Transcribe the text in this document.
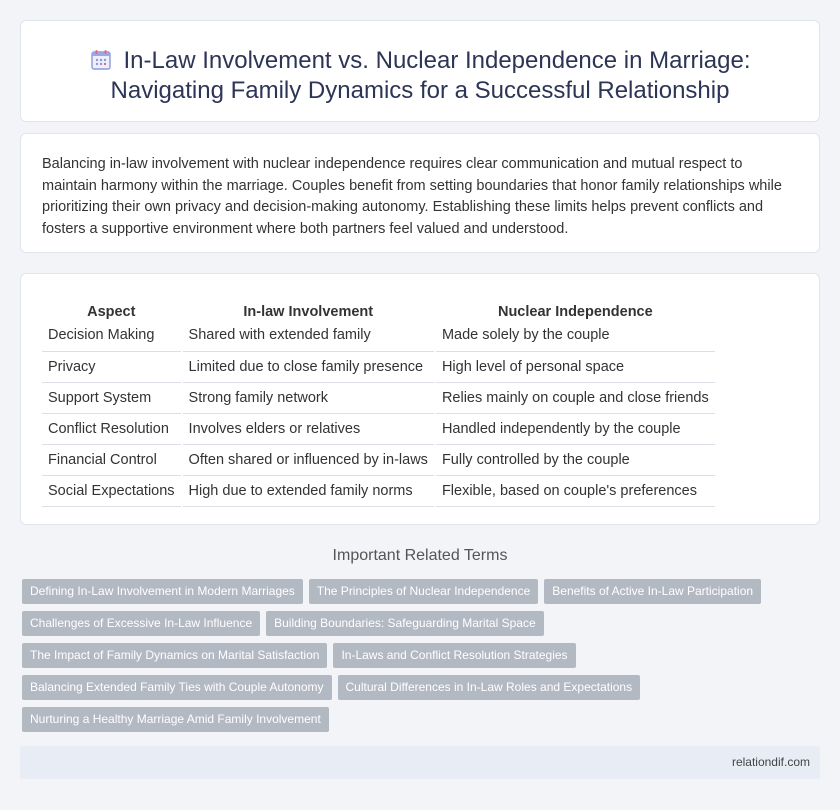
In-Law Involvement vs. Nuclear Independence in Marriage:
Navigating Family Dynamics for a Successful Relationship

Balancing in-law involvement with nuclear independence requires clear communication and mutual respect to maintain harmony within the marriage. Couples benefit from setting boundaries that honor family relationships while prioritizing their own privacy and decision-making autonomy. Establishing these limits helps prevent conflicts and fosters a supportive environment where both partners feel valued and understood.

Aspect	In-law Involvement	Nuclear Independence
Decision Making	Shared with extended family	Made solely by the couple
Privacy	Limited due to close family presence	High level of personal space
Support System	Strong family network	Relies mainly on couple and close friends
Conflict Resolution	Involves elders or relatives	Handled independently by the couple
Financial Control	Often shared or influenced by in-laws	Fully controlled by the couple
Social Expectations	High due to extended family norms	Flexible, based on couple's preferences
Important Related Terms
Defining In-Law Involvement in Modern Marriages The Principles of Nuclear Independence Benefits of Active In-Law Participation
Challenges of Excessive In-Law Influence Building Boundaries: Safeguarding Marital Space
The Impact of Family Dynamics on Marital Satisfaction In-Laws and Conflict Resolution Strategies
Balancing Extended Family Ties with Couple Autonomy Cultural Differences in In-Law Roles and Expectations
Nurturing a Healthy Marriage Amid Family Involvement
relationdif.com
